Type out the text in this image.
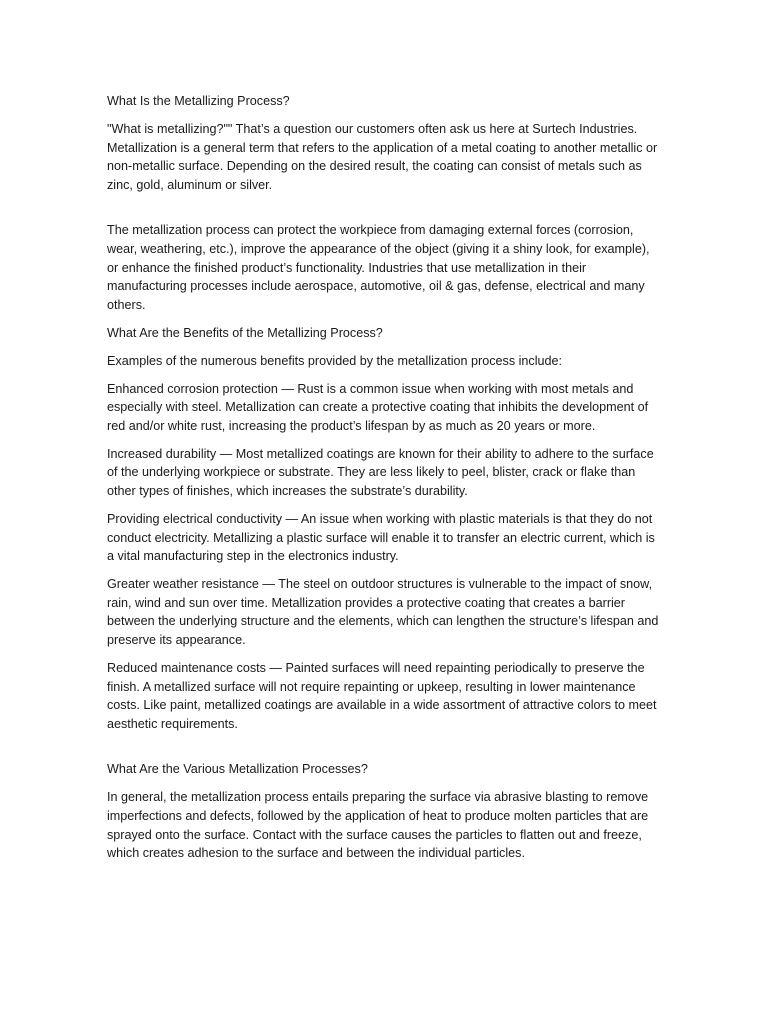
What Is the Metallizing Process?

"What is metallizing?"" That’s a question our customers often ask us here at Surtech Industries. Metallization is a general term that refers to the application of a metal coating to another metallic or non-metallic surface. Depending on the desired result, the coating can consist of metals such as zinc, gold, aluminum or silver.

The metallization process can protect the workpiece from damaging external forces (corrosion, wear, weathering, etc.), improve the appearance of the object (giving it a shiny look, for example), or enhance the finished product’s functionality. Industries that use metallization in their manufacturing processes include aerospace, automotive, oil & gas, defense, electrical and many others.

What Are the Benefits of the Metallizing Process?

Examples of the numerous benefits provided by the metallization process include:

Enhanced corrosion protection — Rust is a common issue when working with most metals and especially with steel. Metallization can create a protective coating that inhibits the development of red and/or white rust, increasing the product’s lifespan by as much as 20 years or more.

Increased durability — Most metallized coatings are known for their ability to adhere to the surface of the underlying workpiece or substrate. They are less likely to peel, blister, crack or flake than other types of finishes, which increases the substrate’s durability.

Providing electrical conductivity — An issue when working with plastic materials is that they do not conduct electricity. Metallizing a plastic surface will enable it to transfer an electric current, which is a vital manufacturing step in the electronics industry.

Greater weather resistance — The steel on outdoor structures is vulnerable to the impact of snow, rain, wind and sun over time. Metallization provides a protective coating that creates a barrier between the underlying structure and the elements, which can lengthen the structure’s lifespan and preserve its appearance.

Reduced maintenance costs — Painted surfaces will need repainting periodically to preserve the finish. A metallized surface will not require repainting or upkeep, resulting in lower maintenance costs. Like paint, metallized coatings are available in a wide assortment of attractive colors to meet aesthetic requirements.

What Are the Various Metallization Processes?

In general, the metallization process entails preparing the surface via abrasive blasting to remove imperfections and defects, followed by the application of heat to produce molten particles that are sprayed onto the surface. Contact with the surface causes the particles to flatten out and freeze, which creates adhesion to the surface and between the individual particles.
